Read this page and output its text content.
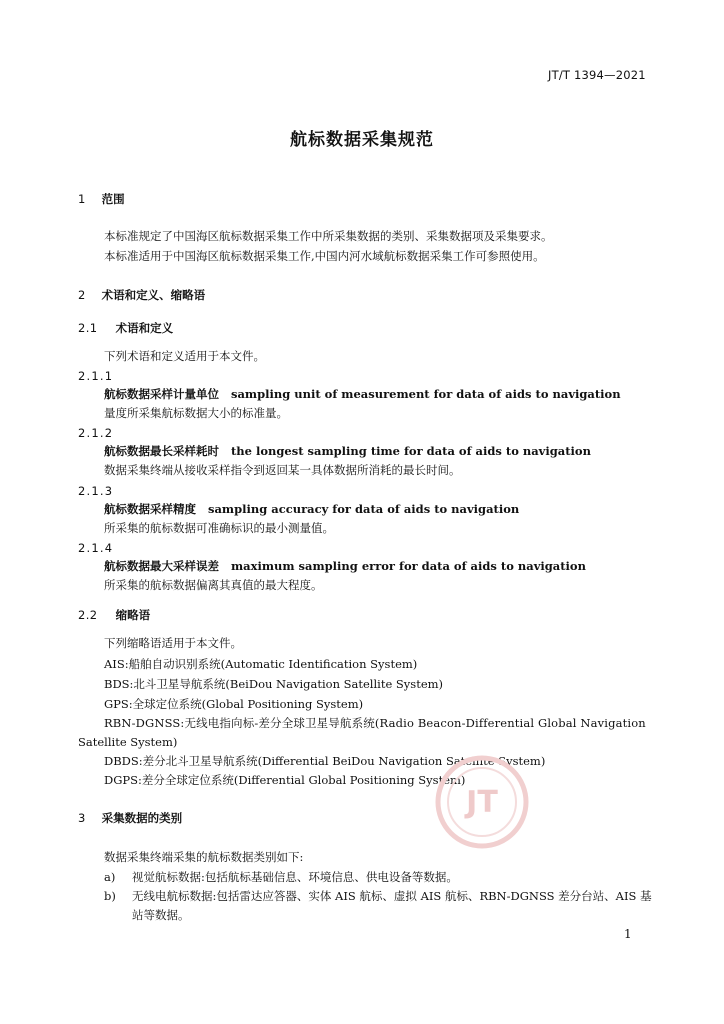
JT/T 1394—2021
航标数据采集规范
1 范围
本标准规定了中国海区航标数据采集工作中所采集数据的类别、采集数据项及采集要求。
本标准适用于中国海区航标数据采集工作,中国内河水域航标数据采集工作可参照使用。
2 术语和定义、缩略语
2.1 术语和定义
下列术语和定义适用于本文件。
2.1.1
航标数据采样计量单位 sampling unit of measurement for data of aids to navigation
量度所采集航标数据大小的标准量。
2.1.2
航标数据最长采样耗时 the longest sampling time for data of aids to navigation
数据采集终端从接收采样指令到返回某一具体数据所消耗的最长时间。
2.1.3
航标数据采样精度 sampling accuracy for data of aids to navigation
所采集的航标数据可准确标识的最小测量值。
2.1.4
航标数据最大采样误差 maximum sampling error for data of aids to navigation
所采集的航标数据偏离其真值的最大程度。
2.2 缩略语
下列缩略语适用于本文件。
AIS:船舶自动识别系统(Automatic Identification System)
BDS:北斗卫星导航系统(BeiDou Navigation Satellite System)
GPS:全球定位系统(Global Positioning System)
RBN-DGNSS:无线电指向标-差分全球卫星导航系统(Radio Beacon-Differential Global Navigation
Satellite System)
DBDS:差分北斗卫星导航系统(Differential BeiDou Navigation Satellite System)
DGPS:差分全球定位系统(Differential Global Positioning System)
3 采集数据的类别
数据采集终端采集的航标数据类别如下:
a) 视觉航标数据:包括航标基础信息、环境信息、供电设备等数据。
b) 无线电航标数据:包括雷达应答器、实体 AIS 航标、虚拟 AIS 航标、RBN-DGNSS 差分台站、AIS 基
站等数据。
JT
1
